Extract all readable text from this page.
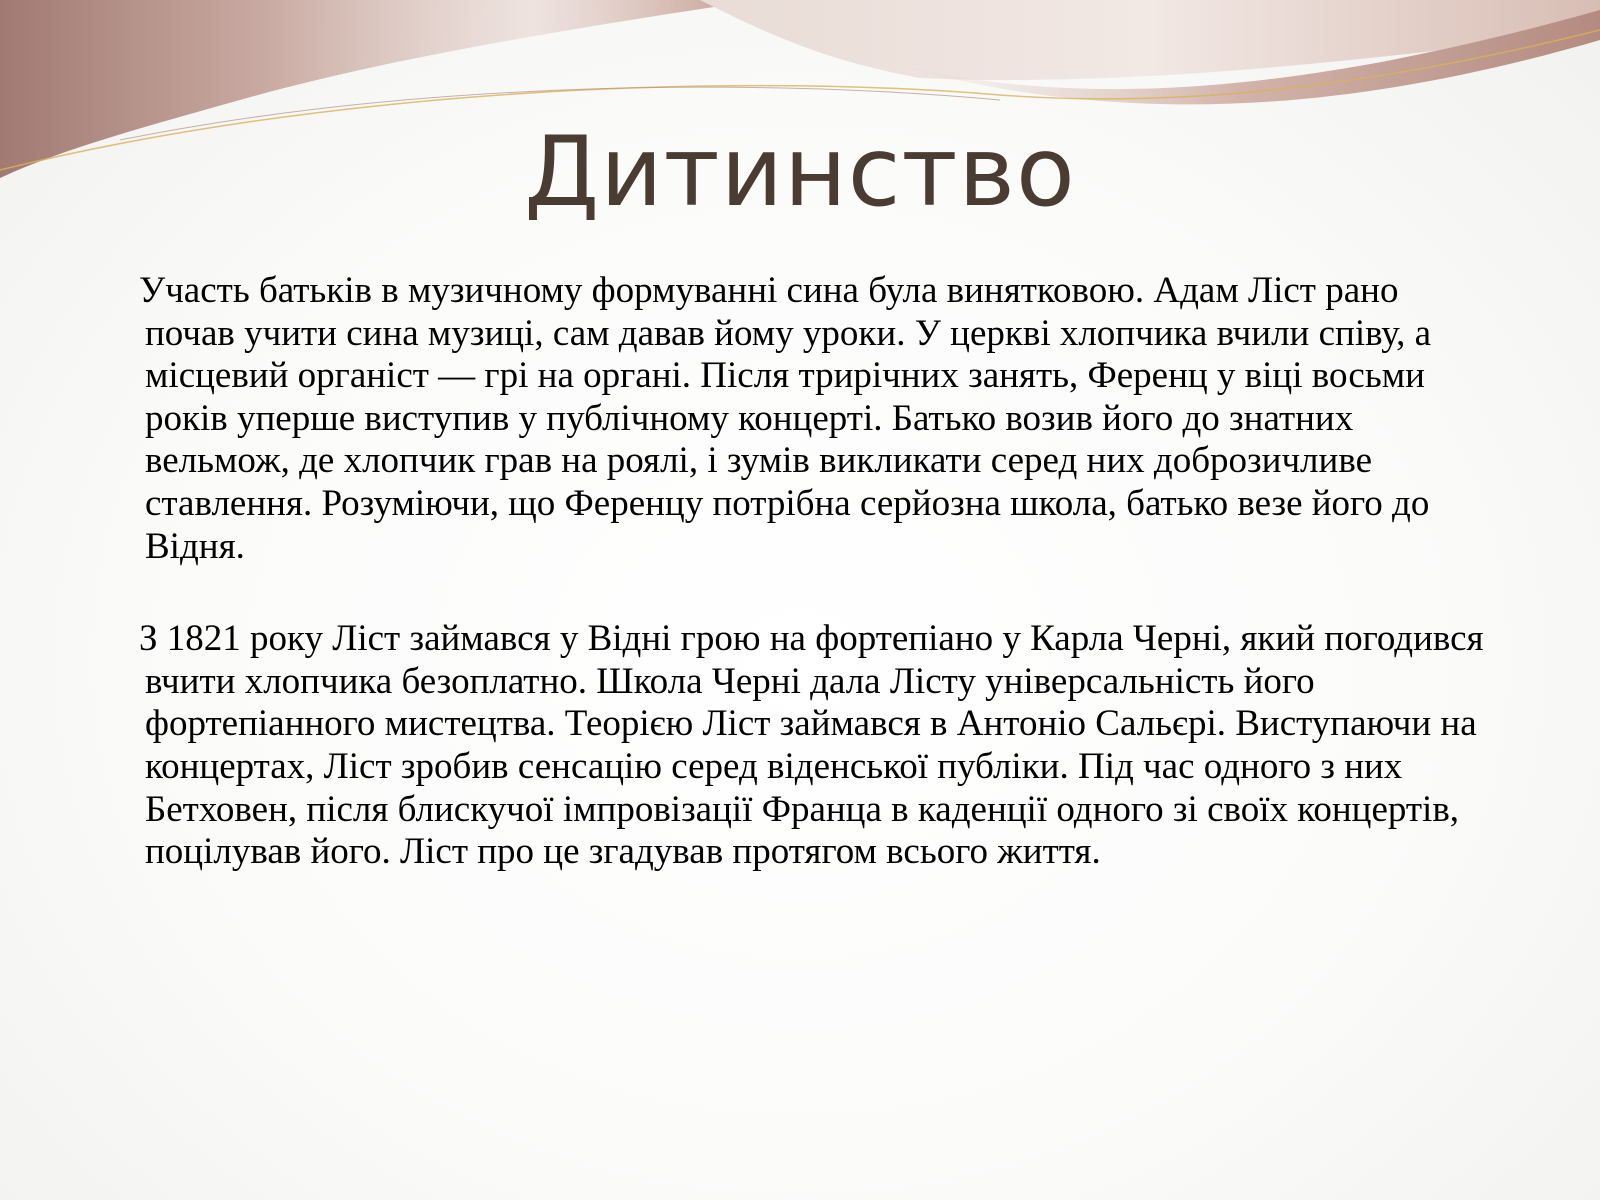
Дитинство

Участь батьків в музичному формуванні сина була винятковою. Адам Ліст рано почав учити сина музиці, сам давав йому уроки. У церкві хлопчика вчили співу, а місцевий органіст — грі на органі. Після трирічних занять, Ференц у віці восьми років уперше виступив у публічному концерті. Батько возив його до знатних вельмож, де хлопчик грав на роялі, і зумів викликати серед них доброзичливе ставлення. Розуміючи, що Ференцу потрібна серйозна школа, батько везе його до Відня.

З 1821 року Ліст займався у Відні грою на фортепіано у Карла Черні, який погодився вчити хлопчика безоплатно. Школа Черні дала Лісту універсальність його фортепіанного мистецтва. Теорією Ліст займався в Антоніо Сальєрі. Виступаючи на концертах, Ліст зробив сенсацію серед віденської публіки. Під час одного з них Бетховен, після блискучої імпровізації Франца в каденції одного зі своїх концертів, поцілував його. Ліст про це згадував протягом всього життя.
